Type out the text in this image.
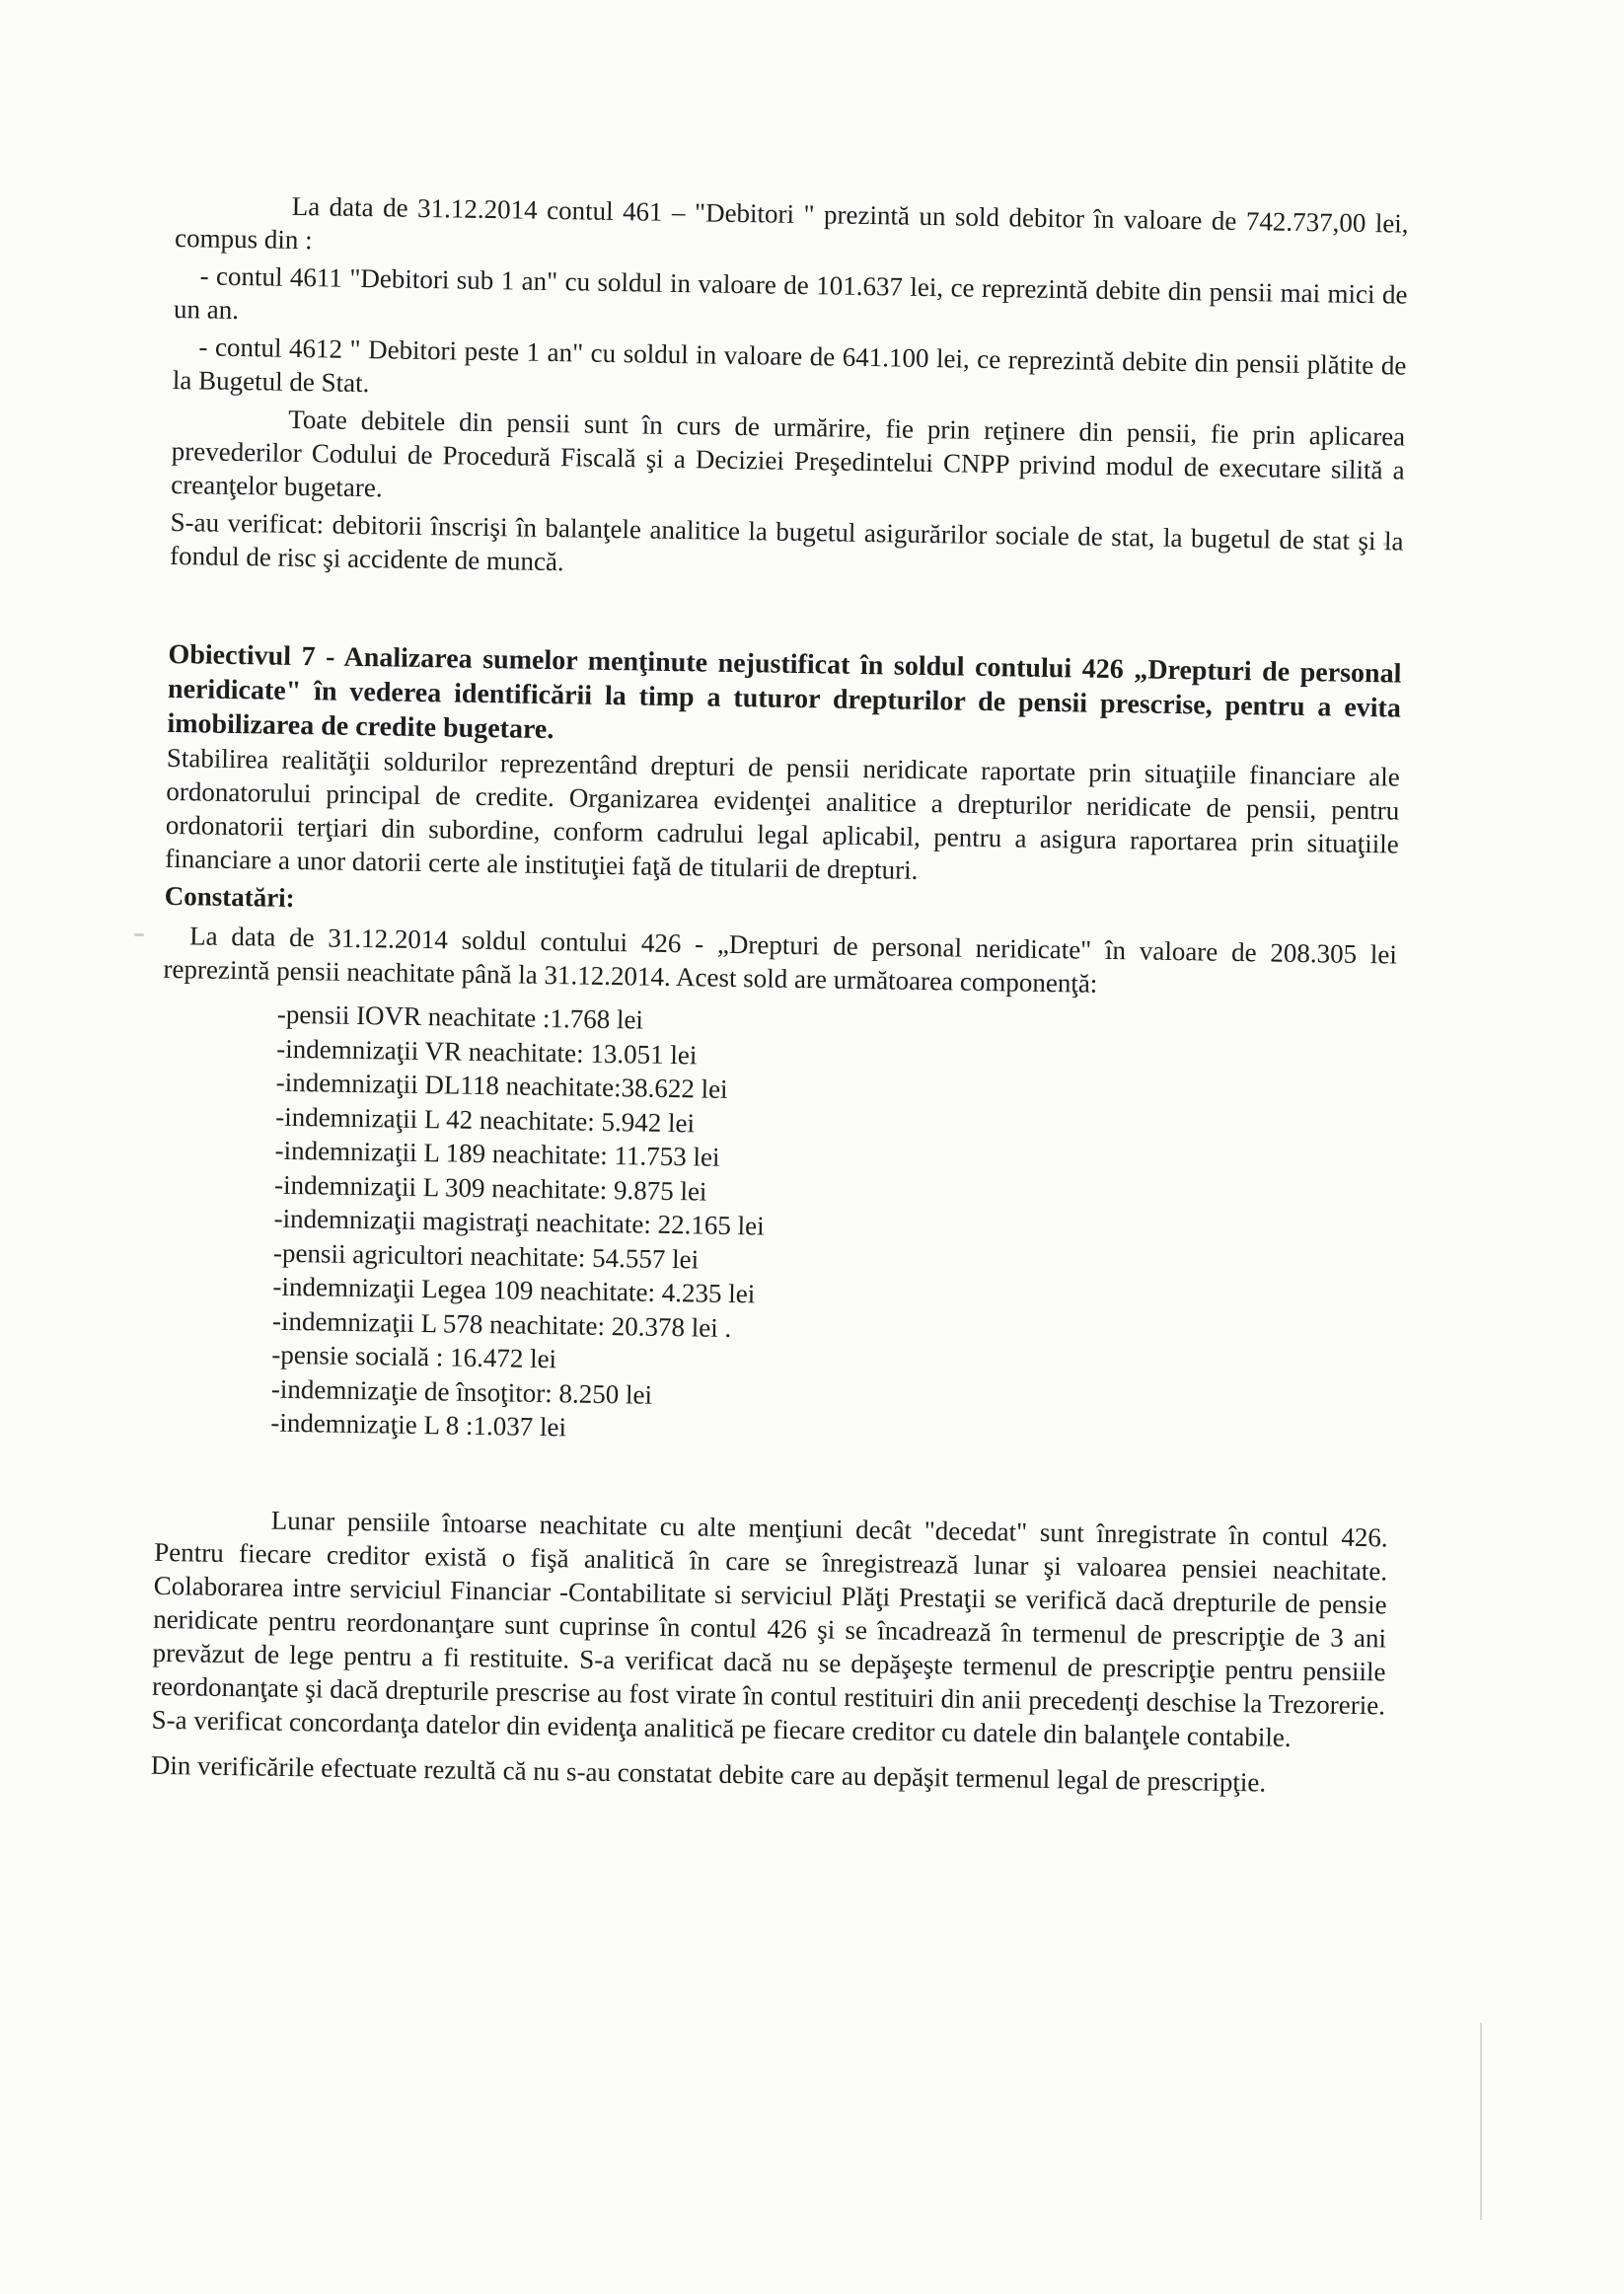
La data de 31.12.2014 contul 461 – "Debitori " prezintă un sold debitor în valoare de 742.737,00 lei, compus din :

- contul 4611 "Debitori sub 1 an" cu soldul in valoare de 101.637 lei, ce reprezintă debite din pensii mai mici de un an.

- contul 4612 " Debitori peste 1 an" cu soldul in valoare de 641.100 lei, ce reprezintă debite din pensii plătite de la Bugetul de Stat.

Toate debitele din pensii sunt în curs de urmărire, fie prin reţinere din pensii, fie prin aplicarea prevederilor Codului de Procedură Fiscală şi a Deciziei Preşedintelui CNPP privind modul de executare silită a creanţelor bugetare.

S-au verificat: debitorii înscrişi în balanţele analitice la bugetul asigurărilor sociale de stat, la bugetul de stat şi la fondul de risc şi accidente de muncă.

Obiectivul 7 - Analizarea sumelor menţinute nejustificat în soldul contului 426 „Drepturi de personal neridicate" în vederea identificării la timp a tuturor drepturilor de pensii prescrise, pentru a evita imobilizarea de credite bugetare.

Stabilirea realităţii soldurilor reprezentând drepturi de pensii neridicate raportate prin situaţiile financiare ale ordonatorului principal de credite. Organizarea evidenţei analitice a drepturilor neridicate de pensii, pentru ordonatorii terţiari din subordine, conform cadrului legal aplicabil, pentru a asigura raportarea prin situaţiile financiare a unor datorii certe ale instituţiei faţă de titularii de drepturi.

Constatări:

La data de 31.12.2014 soldul contului 426 - „Drepturi de personal neridicate" în valoare de 208.305 lei reprezintă pensii neachitate până la 31.12.2014. Acest sold are următoarea componenţă:

-pensii IOVR neachitate :1.768 lei
-indemnizaţii VR neachitate: 13.051 lei
-indemnizaţii DL118 neachitate:38.622 lei
-indemnizaţii L 42 neachitate: 5.942 lei
-indemnizaţii L 189 neachitate: 11.753 lei
-indemnizaţii L 309 neachitate: 9.875 lei
-indemnizaţii magistraţi neachitate: 22.165 lei
-pensii agricultori neachitate: 54.557 lei
-indemnizaţii Legea 109 neachitate: 4.235 lei
-indemnizaţii L 578 neachitate: 20.378 lei .
-pensie socială : 16.472 lei
-indemnizaţie de însoţitor: 8.250 lei
-indemnizaţie L 8 :1.037 lei

Lunar pensiile întoarse neachitate cu alte menţiuni decât "decedat" sunt înregistrate în contul 426. Pentru fiecare creditor există o fişă analitică în care se înregistrează lunar şi valoarea pensiei neachitate. Colaborarea intre serviciul Financiar -Contabilitate si serviciul Plăţi Prestaţii se verifică dacă drepturile de pensie neridicate pentru reordonanţare sunt cuprinse în contul 426 şi se încadrează în termenul de prescripţie de 3 ani prevăzut de lege pentru a fi restituite. S-a verificat dacă nu se depăşeşte termenul de prescripţie pentru pensiile reordonanţate şi dacă drepturile prescrise au fost virate în contul restituiri din anii precedenţi deschise la Trezorerie. S-a verificat concordanţa datelor din evidenţa analitică pe fiecare creditor cu datele din balanţele contabile.

Din verificările efectuate rezultă că nu s-au constatat debite care au depăşit termenul legal de prescripţie.
